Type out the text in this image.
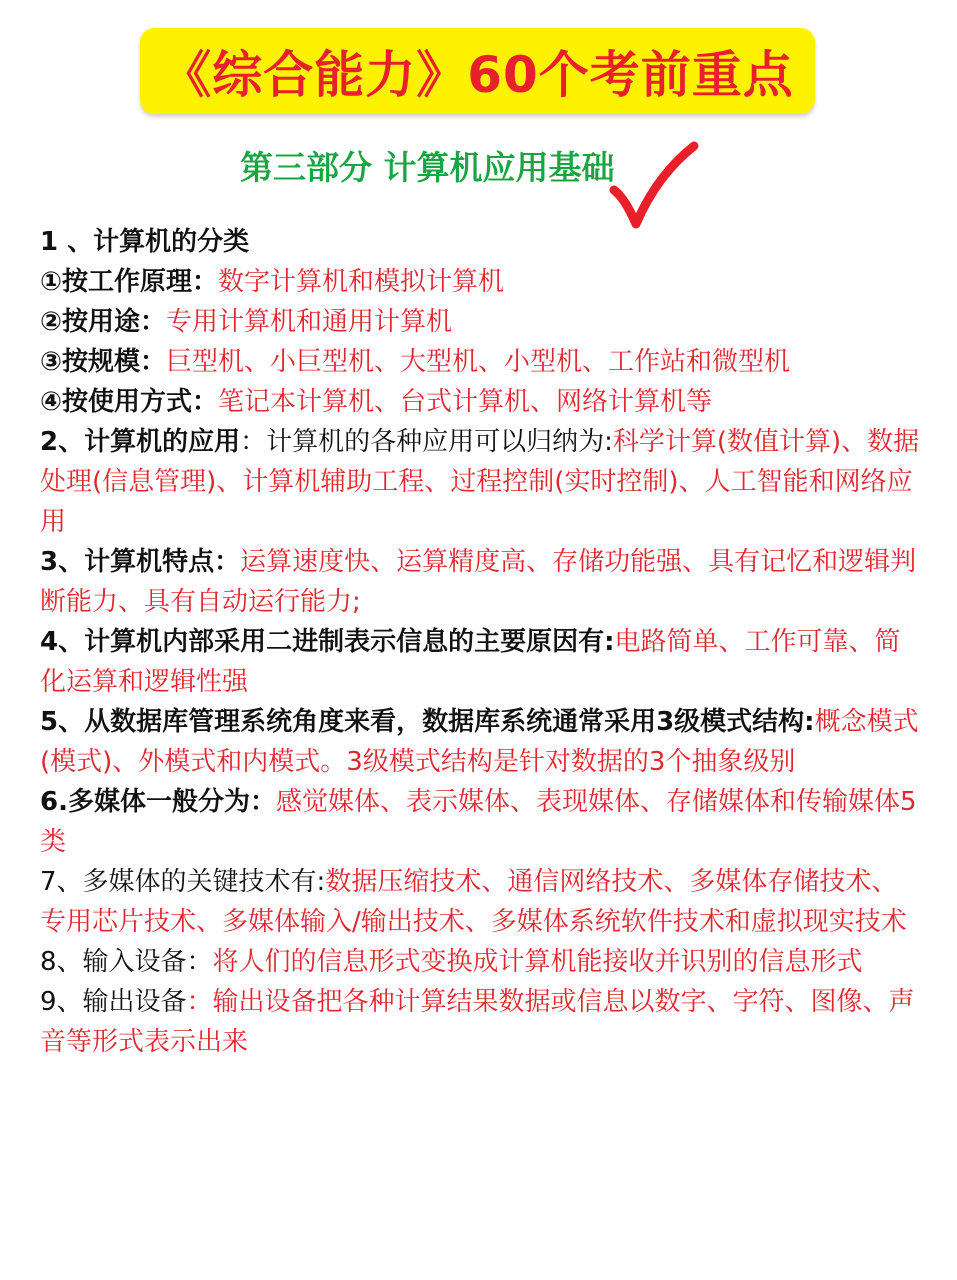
《综合能力》60个考前重点
第三部分 计算机应用基础

1 、计算机的分类

①按工作原理：数字计算机和模拟计算机

②按用途：专用计算机和通用计算机

③按规模：巨型机、小巨型机、大型机、小型机、工作站和微型机

④按使用方式：笔记本计算机、台式计算机、网络计算机等

2、计算机的应用：计算机的各种应用可以归纳为:科学计算(数值计算)、数据处理(信息管理)、计算机辅助工程、过程控制(实时控制)、人工智能和网络应用

3、计算机特点：运算速度快、运算精度高、存储功能强、具有记忆和逻辑判断能力、具有自动运行能力;

4、计算机内部采用二进制表示信息的主要原因有:电路简单、工作可靠、简化运算和逻辑性强

5、从数据库管理系统角度来看，数据库系统通常采用3级模式结构:概念模式(模式)、外模式和内模式。3级模式结构是针对数据的3个抽象级别

6.多媒体一般分为：感觉媒体、表示媒体、表现媒体、存储媒体和传输媒体5类

7、多媒体的关键技术有:数据压缩技术、通信网络技术、多媒体存储技术、专用芯片技术、多媒体输入/输出技术、多媒体系统软件技术和虚拟现实技术

8、输入设备：将人们的信息形式变换成计算机能接收并识别的信息形式

9、输出设备：输出设备把各种计算结果数据或信息以数字、字符、图像、声音等形式表示出来
